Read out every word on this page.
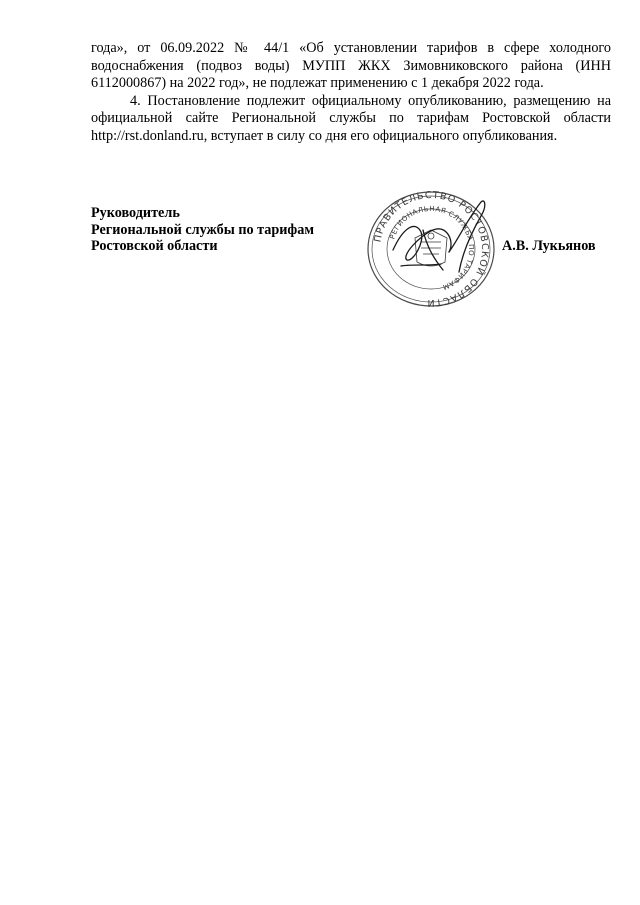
года», от 06.09.2022 № 44/1 «Об установлении тарифов в сфере холодного водоснабжения (подвоз воды) МУПП ЖКХ Зимовниковского района (ИНН 6112000867) на 2022 год», не подлежат применению с 1 декабря 2022 года.

4. Постановление подлежит официальному опубликованию, размещению на официальной сайте Региональной службы по тарифам Ростовской области http://rst.donland.ru, вступает в силу со дня его официального опубликования.

Руководитель
Региональной службы по тарифам
Ростовской области	ПРАВИТЕЛЬСТВО РОСТОВСКОЙ ОБЛАСТИ
РЕГИОНАЛЬНАЯ СЛУЖБА ПО ТАРИФАМ
А.В. Лукьянов
